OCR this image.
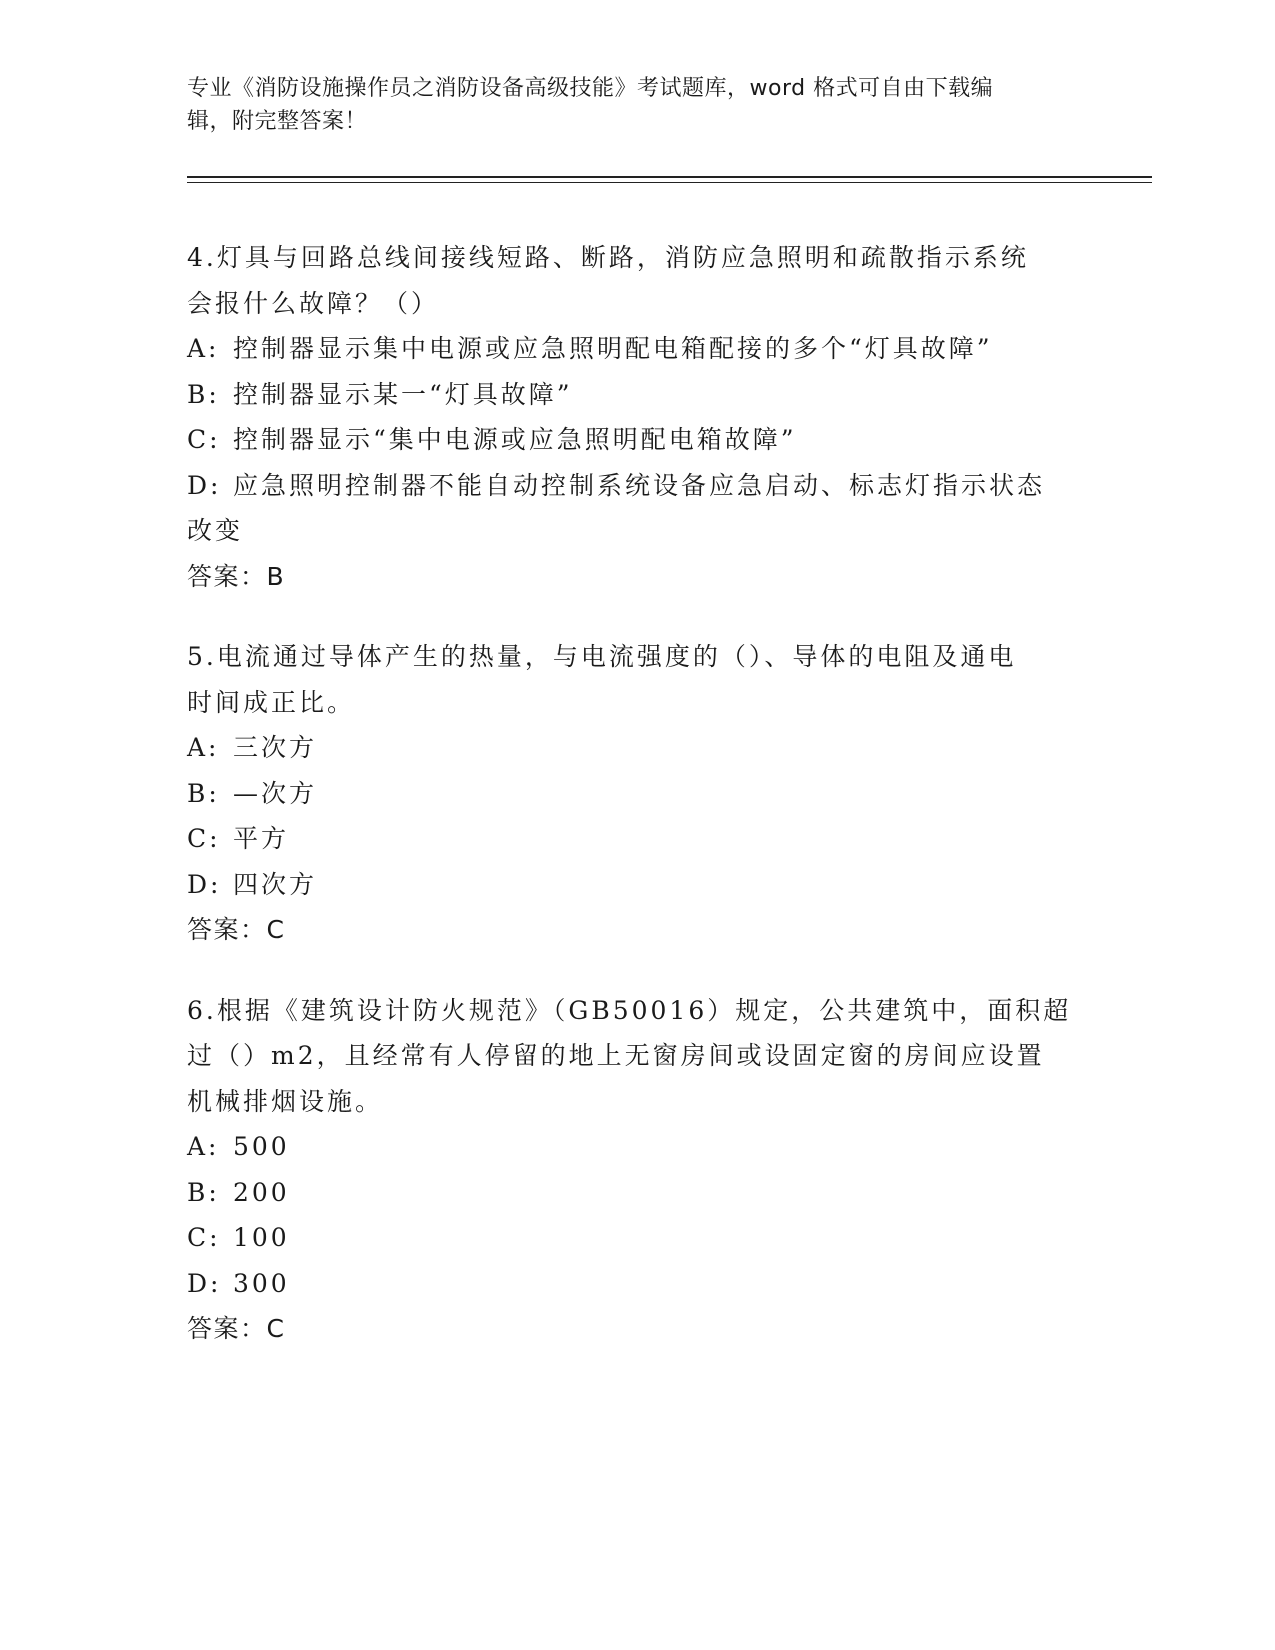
专业《消防设施操作员之消防设备高级技能》考试题库，word 格式可自由下载编
辑，附完整答案！

4.灯具与回路总线间接线短路、断路，消防应急照明和疏散指示系统
会报什么故障？（）

A: 控制器显示集中电源或应急照明配电箱配接的多个“灯具故障”

B: 控制器显示某一“灯具故障”

C: 控制器显示“集中电源或应急照明配电箱故障”

D: 应急照明控制器不能自动控制系统设备应急启动、标志灯指示状态
改变

答案：B

5.电流通过导体产生的热量，与电流强度的（）、导体的电阻及通电
时间成正比。

A: 三次方

B: —次方

C: 平方

D: 四次方

答案：C

6.根据《建筑设计防火规范》（GB50016）规定，公共建筑中，面积超
过（）m2，且经常有人停留的地上无窗房间或设固定窗的房间应设置
机械排烟设施。

A: 500

B: 200

C: 100

D: 300

答案：C
